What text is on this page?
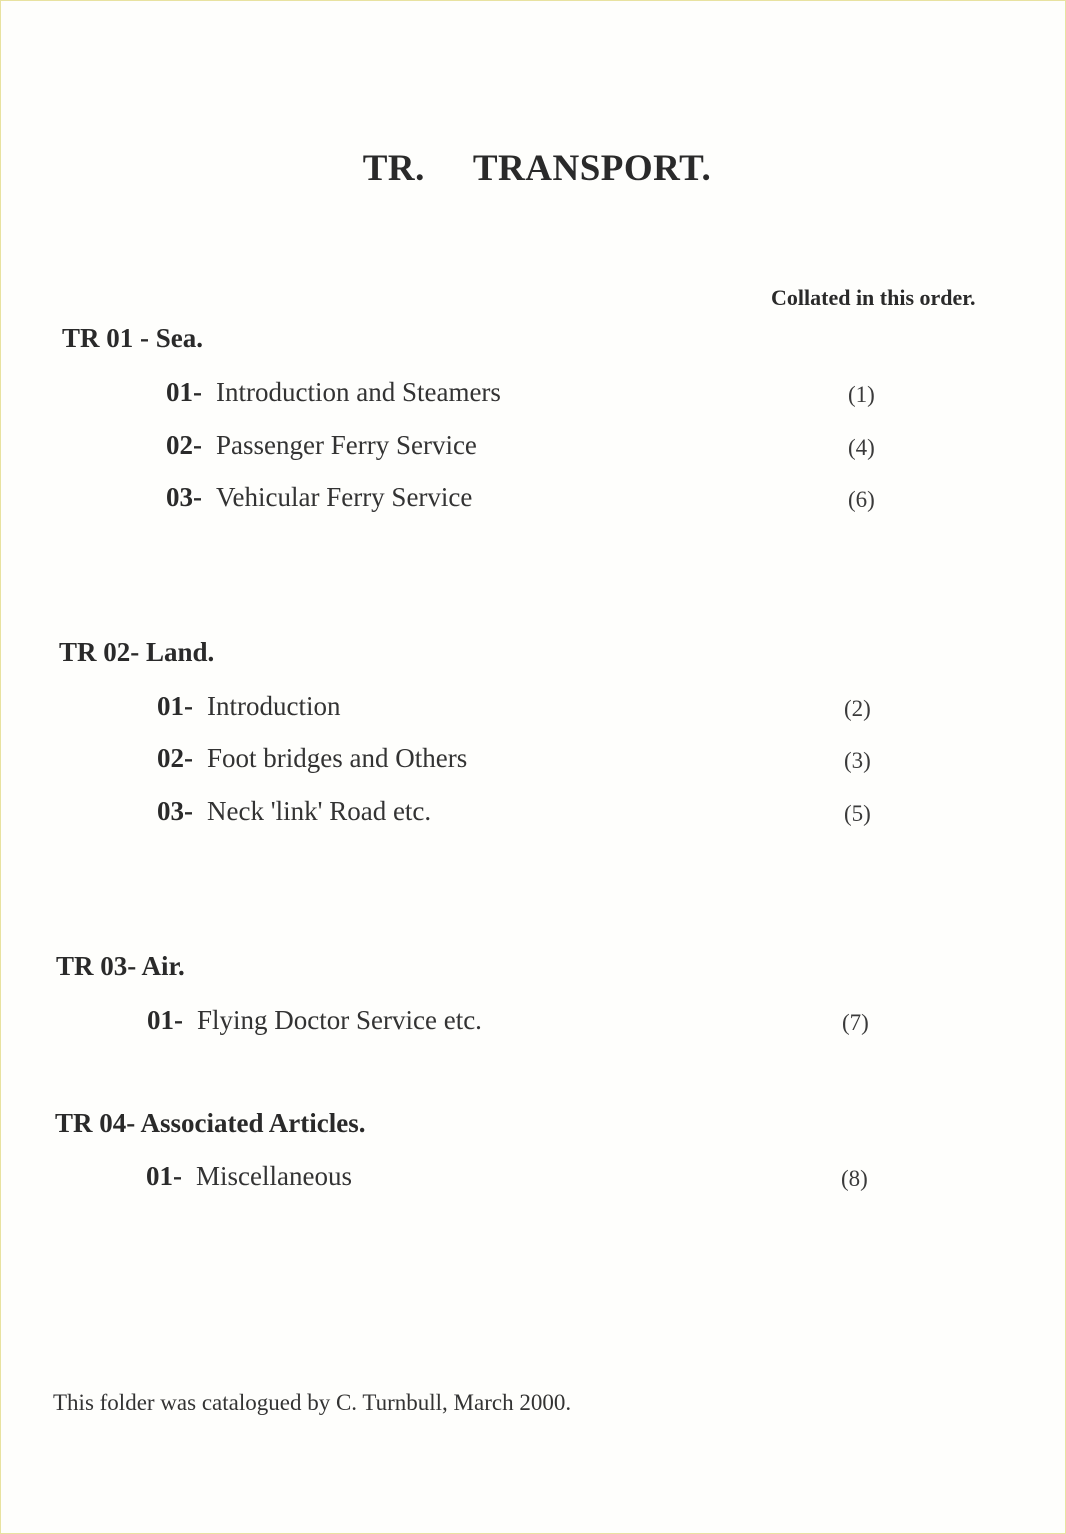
TR. TRANSPORT.
Collated in this order.
TR 01 - Sea.
01- Introduction and Steamers	(1)
02- Passenger Ferry Service	(4)
03- Vehicular Ferry Service	(6)
TR 02- Land.
01- Introduction	(2)
02- Foot bridges and Others	(3)
03- Neck 'link' Road etc.	(5)
TR 03- Air.
01- Flying Doctor Service etc.	(7)
TR 04- Associated Articles.
01- Miscellaneous	(8)
This folder was catalogued by C. Turnbull, March 2000.
